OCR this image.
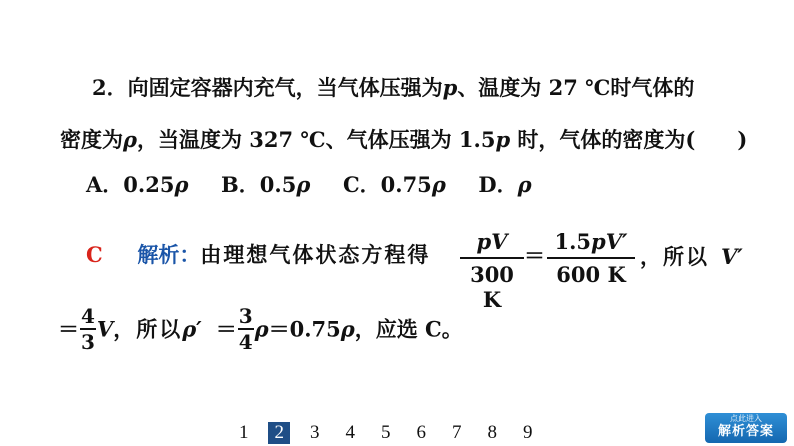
2．向固定容器内充气，当气体压强为p、温度为 27 ℃时气体的
密度为ρ，当温度为 327 ℃、气体压强为 1.5p 时，气体的密度为(　　)
A．0.25ρ B．0.5ρ C．0.75ρ D．ρ
C 解析：由理想气体状态方程得
pV
300 K
＝
1.5pV′
600 K
，所以 V′
＝ $\frac{4}{3}$ V，所以$\rho' = \frac{3}{4} \rho=0.75\rho$，应选 C。
1	2	3	4	5	6	7	8	9
点此进入
解析答案
